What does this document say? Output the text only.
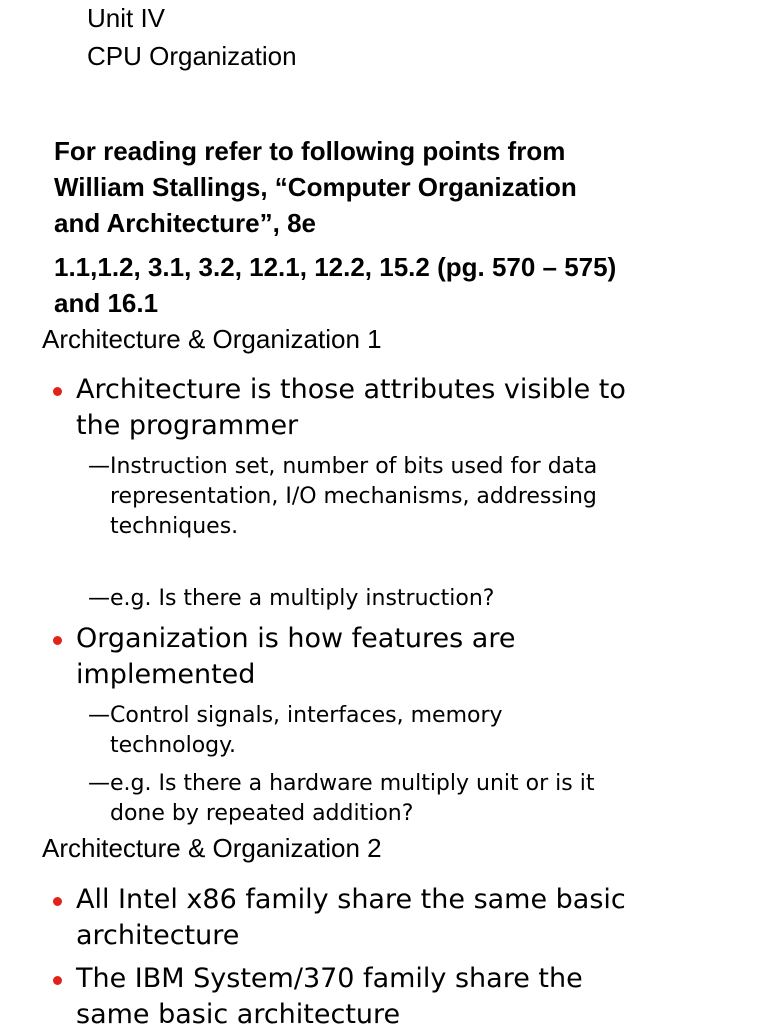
Unit IV
CPU Organization
For reading refer to following points from
William Stallings, “Computer Organization
and Architecture”, 8e
1.1,1.2, 3.1, 3.2, 12.1, 12.2, 15.2 (pg. 570 – 575)
and 16.1
Architecture & Organization 1
Architecture is those attributes visible to
the programmer
—Instruction set, number of bits used for data
representation, I/O mechanisms, addressing
techniques.
—e.g. Is there a multiply instruction?
Organization is how features are
implemented
—Control signals, interfaces, memory
technology.
—e.g. Is there a hardware multiply unit or is it
done by repeated addition?
Architecture & Organization 2
All Intel x86 family share the same basic
architecture
The IBM System/370 family share the
same basic architecture
